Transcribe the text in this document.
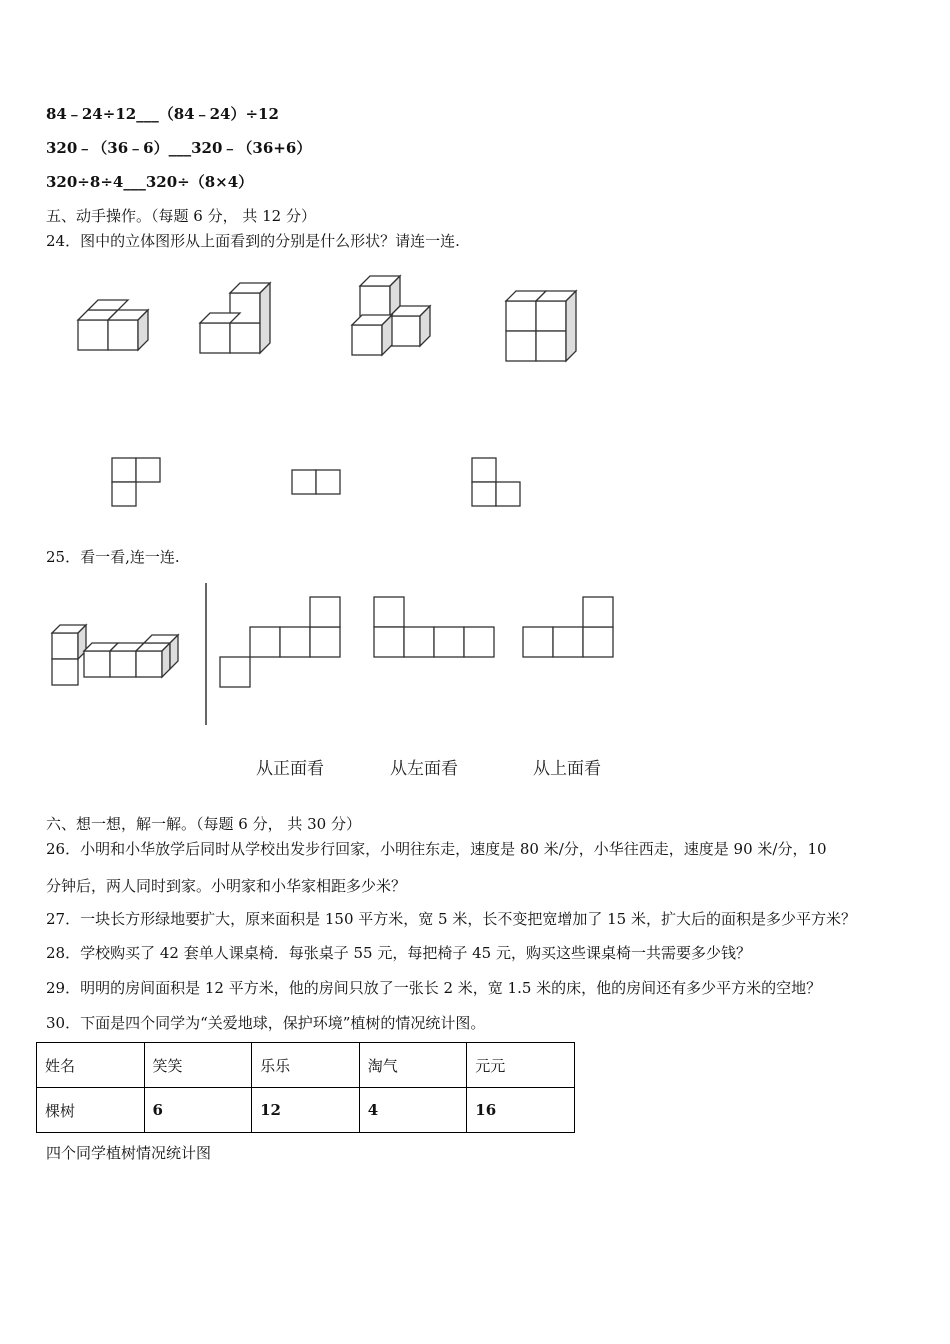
84﹣24÷12___（84﹣24）÷12
320﹣（36﹣6）___320﹣（36+6）
320÷8÷4___320÷（8×4）
五、动手操作。（每题 6 分， 共 12 分）
24．图中的立体图形从上面看到的分别是什么形状？请连一连.
25．看一看,连一连.
从正面看	从左面看	从上面看
六、想一想，解一解。（每题 6 分， 共 30 分）
26．小明和小华放学后同时从学校出发步行回家，小明往东走，速度是 80 米/分，小华往西走，速度是 90 米/分，10
分钟后，两人同时到家。小明家和小华家相距多少米？
27．一块长方形绿地要扩大，原来面积是 150 平方米，宽 5 米，长不变把宽增加了 15 米，扩大后的面积是多少平方米？
28．学校购买了 42 套单人课桌椅．每张桌子 55 元，每把椅子 45 元，购买这些课桌椅一共需要多少钱？
29．明明的房间面积是 12 平方米，他的房间只放了一张长 2 米，宽 1.5 米的床，他的房间还有多少平方米的空地？
30．下面是四个同学为“关爱地球，保护环境”植树的情况统计图。
姓名	笑笑	乐乐	淘气	元元
棵树	6	12	4	16
四个同学植树情况统计图
